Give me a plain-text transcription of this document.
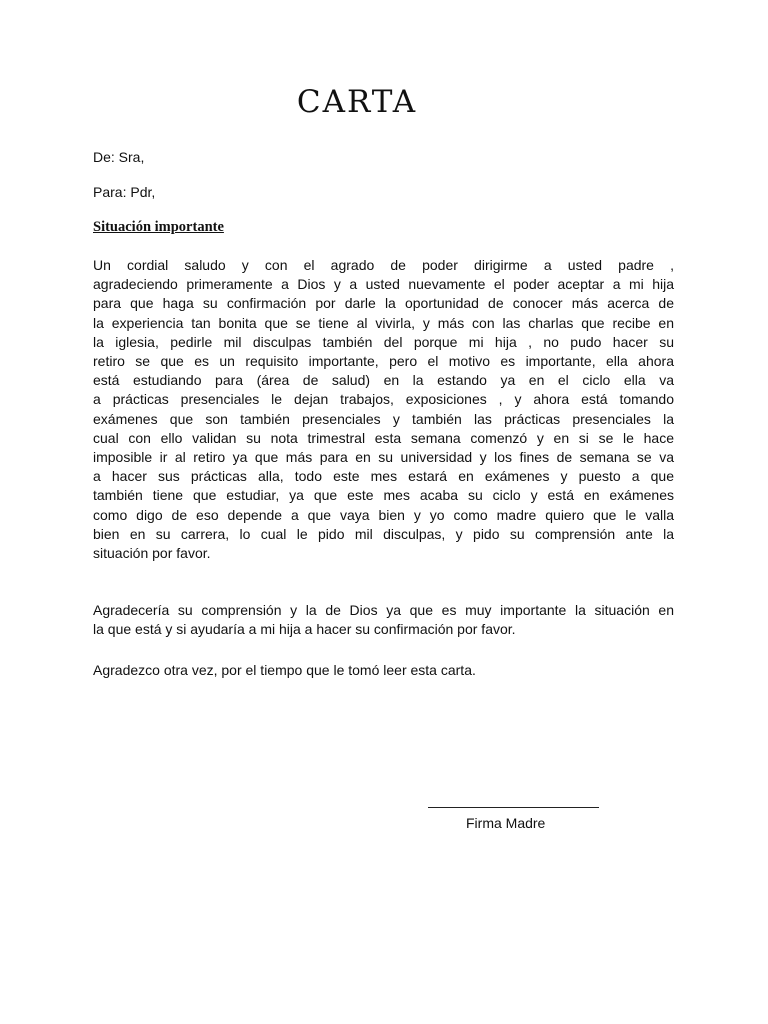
CARTA
De: Sra,
Para: Pdr,
Situación importante
Un cordial saludo y con el agrado de poder dirigirme a usted padre ,
agradeciendo primeramente a Dios y a usted nuevamente el poder aceptar a mi hija
para que haga su confirmación por darle la oportunidad de conocer más acerca de
la experiencia tan bonita que se tiene al vivirla, y más con las charlas que recibe en
la iglesia, pedirle mil disculpas también del porque mi hija , no pudo hacer su
retiro se que es un requisito importante, pero el motivo es importante, ella ahora
está estudiando para (área de salud) en la estando ya en el ciclo ella va
a prácticas presenciales le dejan trabajos, exposiciones , y ahora está tomando
exámenes que son también presenciales y también las prácticas presenciales la
cual con ello validan su nota trimestral esta semana comenzó y en si se le hace
imposible ir al retiro ya que más para en su universidad y los fines de semana se va
a hacer sus prácticas alla, todo este mes estará en exámenes y puesto a que
también tiene que estudiar, ya que este mes acaba su ciclo y está en exámenes
como digo de eso depende a que vaya bien y yo como madre quiero que le valla
bien en su carrera, lo cual le pido mil disculpas, y pido su comprensión ante la
situación por favor.
Agradecería su comprensión y la de Dios ya que es muy importante la situación en
la que está y si ayudaría a mi hija a hacer su confirmación por favor.
Agradezco otra vez, por el tiempo que le tomó leer esta carta.
Firma Madre
